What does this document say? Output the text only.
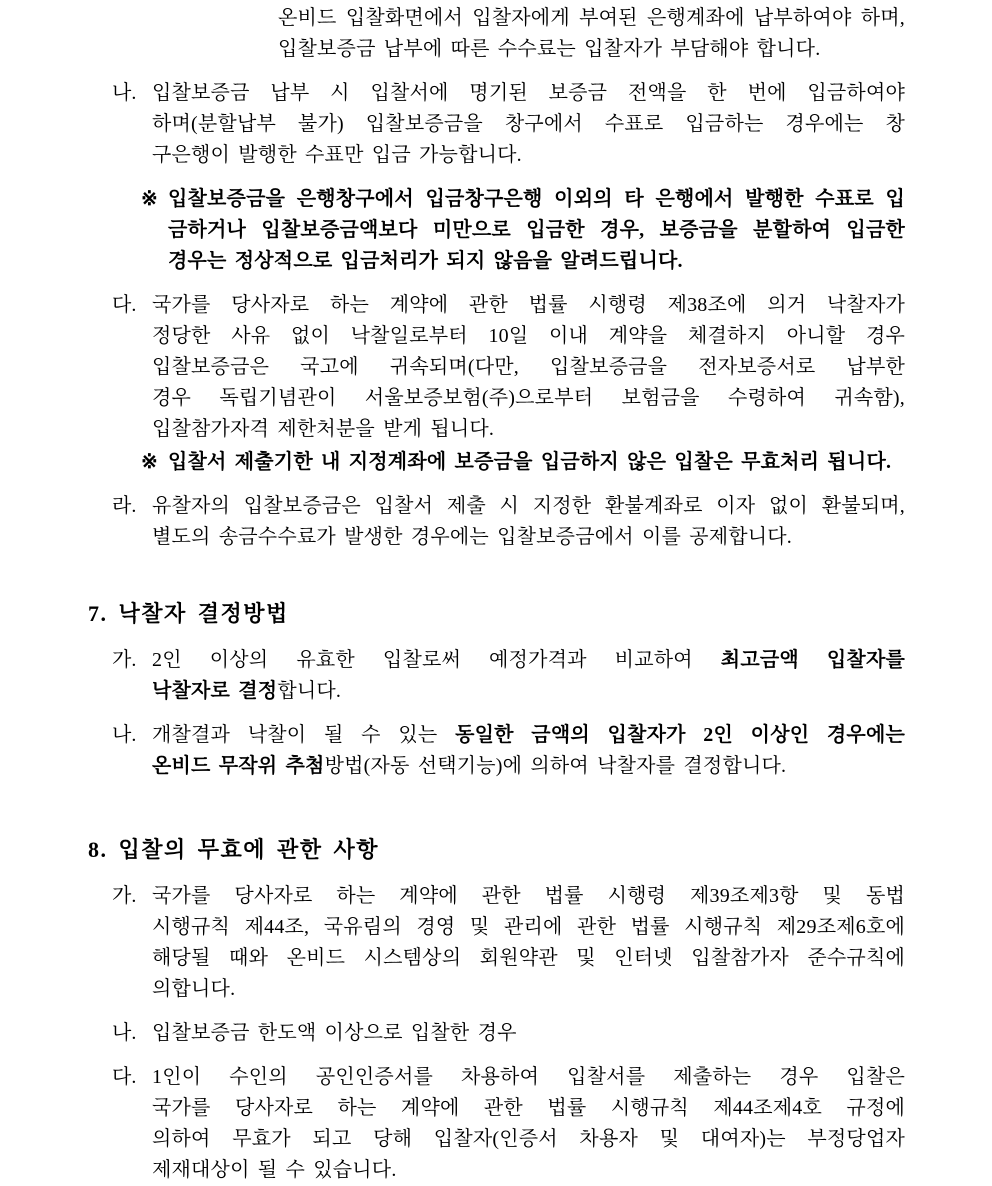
온비드 입찰화면에서 입찰자에게 부여된 은행계좌에 납부하여야 하며,
입찰보증금 납부에 따른 수수료는 입찰자가 부담해야 합니다.
나. 입찰보증금 납부 시 입찰서에 명기된 보증금 전액을 한 번에 입금하여야
하며(분할납부 불가) 입찰보증금을 창구에서 수표로 입금하는 경우에는 창
구은행이 발행한 수표만 입금 가능합니다.
※ 입찰보증금을 은행창구에서 입금창구은행 이외의 타 은행에서 발행한 수표로 입
금하거나 입찰보증금액보다 미만으로 입금한 경우, 보증금을 분할하여 입금한
경우는 정상적으로 입금처리가 되지 않음을 알려드립니다.
다. 국가를 당사자로 하는 계약에 관한 법률 시행령 제38조에 의거 낙찰자가
정당한 사유 없이 낙찰일로부터 10일 이내 계약을 체결하지 아니할 경우
입찰보증금은 국고에 귀속되며(다만, 입찰보증금을 전자보증서로 납부한
경우 독립기념관이 서울보증보험(주)으로부터 보험금을 수령하여 귀속함),
입찰참가자격 제한처분을 받게 됩니다.
※ 입찰서 제출기한 내 지정계좌에 보증금을 입금하지 않은 입찰은 무효처리 됩니다.
라. 유찰자의 입찰보증금은 입찰서 제출 시 지정한 환불계좌로 이자 없이 환불되며,
별도의 송금수수료가 발생한 경우에는 입찰보증금에서 이를 공제합니다.
7. 낙찰자 결정방법
가. 2인 이상의 유효한 입찰로써 예정가격과 비교하여 최고금액 입찰자를
낙찰자로 결정합니다.
나. 개찰결과 낙찰이 될 수 있는 동일한 금액의 입찰자가 2인 이상인 경우에는
온비드 무작위 추첨방법(자동 선택기능)에 의하여 낙찰자를 결정합니다.
8. 입찰의 무효에 관한 사항
가. 국가를 당사자로 하는 계약에 관한 법률 시행령 제39조제3항 및 동법
시행규칙 제44조, 국유림의 경영 및 관리에 관한 법률 시행규칙 제29조제6호에
해당될 때와 온비드 시스템상의 회원약관 및 인터넷 입찰참가자 준수규칙에 의합니다.
나. 입찰보증금 한도액 이상으로 입찰한 경우
다. 1인이 수인의 공인인증서를 차용하여 입찰서를 제출하는 경우 입찰은
국가를 당사자로 하는 계약에 관한 법률 시행규칙 제44조제4호 규정에
의하여 무효가 되고 당해 입찰자(인증서 차용자 및 대여자)는 부정당업자
제재대상이 될 수 있습니다.
